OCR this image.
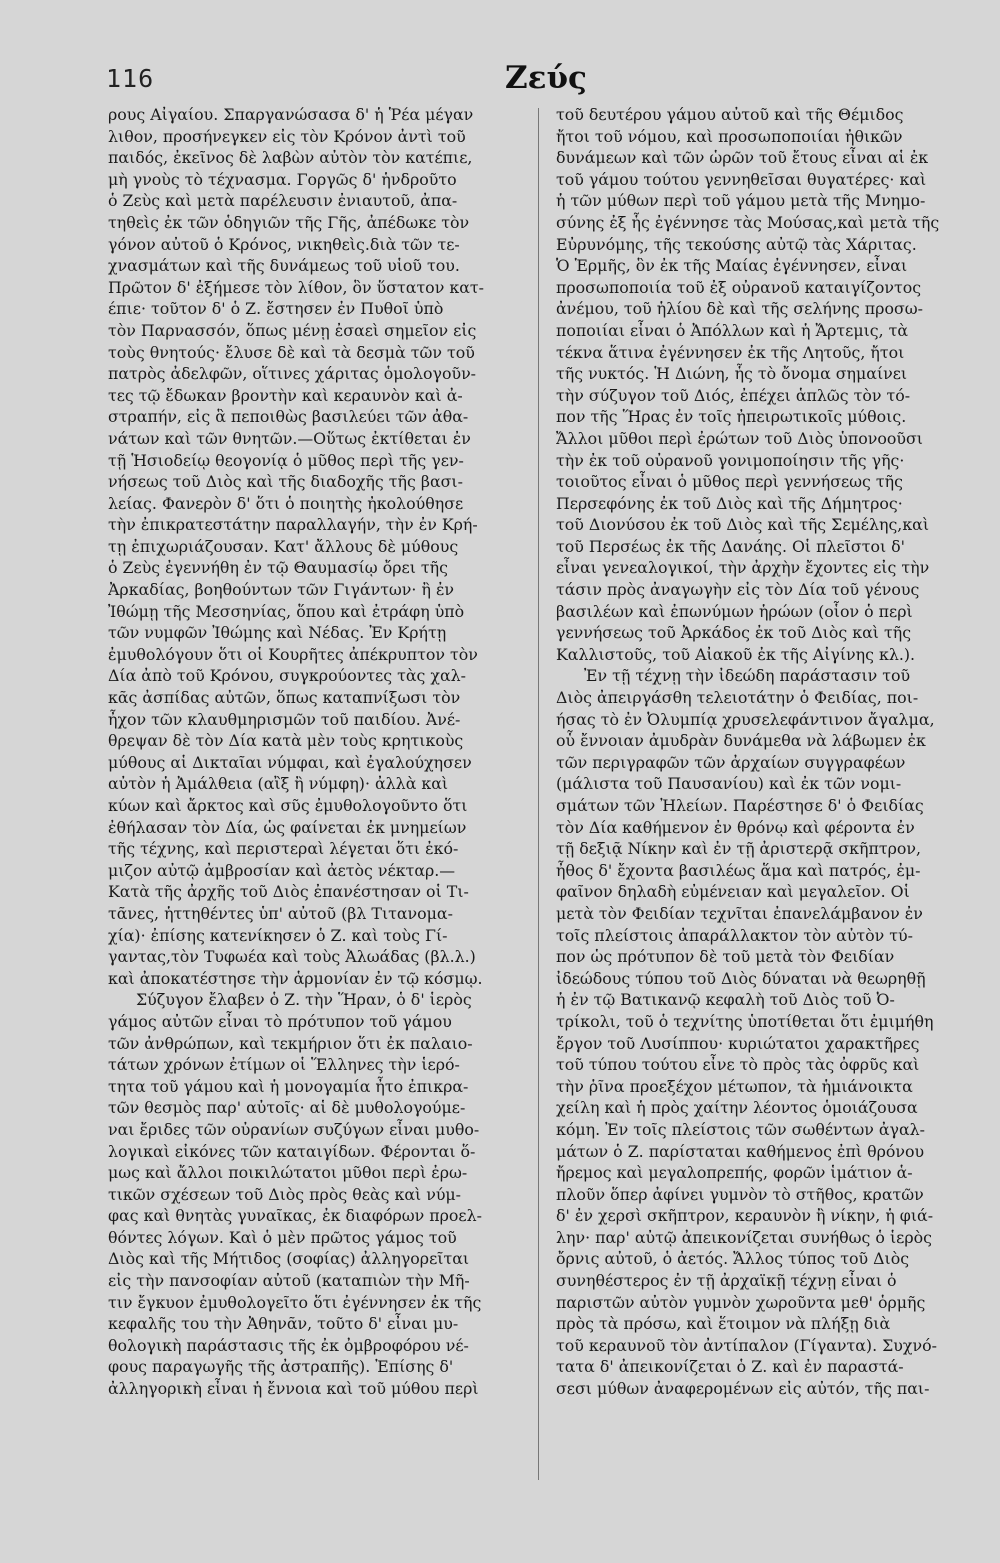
116	Ζεύς
ρους Αἰγαίου. Σπαργανώσασα δ' ἡ Ῥέα μέγαν
λιθον, προσήνεγκεν εἰς τὸν Κρόνον ἀντὶ τοῦ
παιδός, ἐκεῖνος δὲ λαβὼν αὐτὸν τὸν κατέπιε,
μὴ γνοὺς τὸ τέχνασμα. Γοργῶς δ' ἡνδροῦτο
ὁ Ζεὺς καὶ μετὰ παρέλευσιν ἐνιαυτοῦ, ἀπα-
τηθεὶς ἐκ τῶν ὁδηγιῶν τῆς Γῆς, ἀπέδωκε τὸν
γόνον αὐτοῦ ὁ Κρόνος, νικηθεὶς.διὰ τῶν τε-
χνασμάτων καὶ τῆς δυνάμεως τοῦ υἱοῦ του.
Πρῶτον δ' ἐξήμεσε τὸν λίθον, ὃν ὕστατον κατ-
έπιε· τοῦτον δ' ὁ Ζ. ἔστησεν ἐν Πυθοῖ ὑπὸ
τὸν Παρνασσόν, ὅπως μένῃ ἐσαεὶ σημεῖον εἰς
τοὺς θνητούς· ἔλυσε δὲ καὶ τὰ δεσμὰ τῶν τοῦ
πατρὸς ἀδελφῶν, οἵτινες χάριτας ὁμολογοῦν-
τες τῷ ἔδωκαν βροντὴν καὶ κεραυνὸν καὶ ἀ-
στραπήν, εἰς ἃ πεποιθὼς βασιλεύει τῶν ἀθα-
νάτων καὶ τῶν θνητῶν.—Οὕτως ἐκτίθεται ἐν
τῇ Ἡσιοδείῳ θεογονίᾳ ὁ μῦθος περὶ τῆς γεν-
νήσεως τοῦ Διὸς καὶ τῆς διαδοχῆς τῆς βασι-
λείας. Φανερὸν δ' ὅτι ὁ ποιητὴς ἠκολούθησε
τὴν ἐπικρατεστάτην παραλλαγήν, τὴν ἐν Κρή-
τῃ ἐπιχωριάζουσαν. Κατ' ἄλλους δὲ μύθους
ὁ Ζεὺς ἐγεννήθη ἐν τῷ Θαυμασίῳ ὄρει τῆς
Ἀρκαδίας, βοηθούντων τῶν Γιγάντων· ἢ ἐν
Ἰθώμῃ τῆς Μεσσηνίας, ὅπου καὶ ἐτράφη ὑπὸ
τῶν νυμφῶν Ἰθώμης καὶ Νέδας. Ἐν Κρήτῃ
ἐμυθολόγουν ὅτι οἱ Κουρῆτες ἀπέκρυπτον τὸν
Δία ἀπὸ τοῦ Κρόνου, συγκρούοντες τὰς χαλ-
κᾶς ἀσπίδας αὐτῶν, ὅπως καταπνίξωσι τὸν
ἦχον τῶν κλαυθμηρισμῶν τοῦ παιδίου. Ἀνέ-
θρεψαν δὲ τὸν Δία κατὰ μὲν τοὺς κρητικοὺς
μύθους αἱ Δικταῖαι νύμφαι, καὶ ἐγαλούχησεν
αὐτὸν ἡ Ἀμάλθεια (αἲξ ἢ νύμφη)· ἀλλὰ καὶ
κύων καὶ ἄρκτος καὶ σῦς ἐμυθολογοῦντο ὅτι
ἐθήλασαν τὸν Δία, ὡς φαίνεται ἐκ μνημείων
τῆς τέχνης, καὶ περιστεραὶ λέγεται ὅτι ἐκό-
μιζον αὐτῷ ἀμβροσίαν καὶ ἀετὸς νέκταρ.—
Κατὰ τῆς ἀρχῆς τοῦ Διὸς ἐπανέστησαν οἱ Τι-
τᾶνες, ἡττηθέντες ὑπ' αὐτοῦ (βλ Τιτανομα-
χία)· ἐπίσης κατενίκησεν ὁ Ζ. καὶ τοὺς Γί-
γαντας,τὸν Τυφωέα καὶ τοὺς Ἀλωάδας (βλ.λ.)
καὶ ἀποκατέστησε τὴν ἁρμονίαν ἐν τῷ κόσμῳ.
Σύζυγον ἔλαβεν ὁ Ζ. τὴν Ἥραν, ὁ δ' ἱερὸς
γάμος αὐτῶν εἶναι τὸ πρότυπον τοῦ γάμου
τῶν ἀνθρώπων, καὶ τεκμήριον ὅτι ἐκ παλαιο-
τάτων χρόνων ἐτίμων οἱ Ἕλληνες τὴν ἱερό-
τητα τοῦ γάμου καὶ ἡ μονογαμία ἦτο ἐπικρα-
τῶν θεσμὸς παρ' αὐτοῖς· αἱ δὲ μυθολογούμε-
ναι ἔριδες τῶν οὐρανίων συζύγων εἶναι μυθο-
λογικαὶ εἰκόνες τῶν καταιγίδων. Φέρονται ὅ-
μως καὶ ἄλλοι ποικιλώτατοι μῦθοι περὶ ἐρω-
τικῶν σχέσεων τοῦ Διὸς πρὸς θεὰς καὶ νύμ-
φας καὶ θνητὰς γυναῖκας, ἐκ διαφόρων προελ-
θόντες λόγων. Καὶ ὁ μὲν πρῶτος γάμος τοῦ
Διὸς καὶ τῆς Μήτιδος (σοφίας) ἀλληγορεῖται
εἰς τὴν πανσοφίαν αὐτοῦ (καταπιὼν τὴν Μῆ-
τιν ἔγκυον ἐμυθολογεῖτο ὅτι ἐγέννησεν ἐκ τῆς
κεφαλῆς του τὴν Ἀθηνᾶν, τοῦτο δ' εἶναι μυ-
θολογικὴ παράστασις τῆς ἐκ ὀμβροφόρου νέ-
φους παραγωγῆς τῆς ἀστραπῆς). Ἐπίσης δ'
ἀλληγορικὴ εἶναι ἡ ἔννοια καὶ τοῦ μύθου περὶ
τοῦ δευτέρου γάμου αὐτοῦ καὶ τῆς Θέμιδος
ἤτοι τοῦ νόμου, καὶ προσωποποιίαι ἠθικῶν
δυνάμεων καὶ τῶν ὡρῶν τοῦ ἔτους εἶναι αἱ ἐκ
τοῦ γάμου τούτου γεννηθεῖσαι θυγατέρες· καὶ
ἡ τῶν μύθων περὶ τοῦ γάμου μετὰ τῆς Μνημο-
σύνης ἐξ ἧς ἐγέννησε τὰς Μούσας,καὶ μετὰ τῆς
Εὐρυνόμης, τῆς τεκούσης αὐτῷ τὰς Χάριτας.
Ὁ Ἑρμῆς, ὃν ἐκ τῆς Μαίας ἐγέννησεν, εἶναι
προσωποποιία τοῦ ἐξ οὐρανοῦ καταιγίζοντος
ἀνέμου, τοῦ ἡλίου δὲ καὶ τῆς σελήνης προσω-
ποποιίαι εἶναι ὁ Ἀπόλλων καὶ ἡ Ἄρτεμις, τὰ
τέκνα ἅτινα ἐγέννησεν ἐκ τῆς Λητοῦς, ἤτοι
τῆς νυκτός. Ἡ Διώνη, ἧς τὸ ὄνομα σημαίνει
τὴν σύζυγον τοῦ Διός, ἐπέχει ἁπλῶς τὸν τό-
πον τῆς Ἥρας ἐν τοῖς ἠπειρωτικοῖς μύθοις.
Ἄλλοι μῦθοι περὶ ἐρώτων τοῦ Διὸς ὑπονοοῦσι
τὴν ἐκ τοῦ οὐρανοῦ γονιμοποίησιν τῆς γῆς·
τοιοῦτος εἶναι ὁ μῦθος περὶ γεννήσεως τῆς
Περσεφόνης ἐκ τοῦ Διὸς καὶ τῆς Δήμητρος·
τοῦ Διονύσου ἐκ τοῦ Διὸς καὶ τῆς Σεμέλης,καὶ
τοῦ Περσέως ἐκ τῆς Δανάης. Οἱ πλεῖστοι δ'
εἶναι γενεαλογικοί, τὴν ἀρχὴν ἔχοντες εἰς τὴν
τάσιν πρὸς ἀναγωγὴν εἰς τὸν Δία τοῦ γένους
βασιλέων καὶ ἐπωνύμων ἡρώων (οἷον ὁ περὶ
γεννήσεως τοῦ Ἀρκάδος ἐκ τοῦ Διὸς καὶ τῆς
Καλλιστοῦς, τοῦ Αἰακοῦ ἐκ τῆς Αἰγίνης κλ.).
Ἐν τῇ τέχνῃ τὴν ἰδεώδη παράστασιν τοῦ
Διὸς ἀπειργάσθη τελειοτάτην ὁ Φειδίας, ποι-
ήσας τὸ ἐν Ὀλυμπίᾳ χρυσελεφάντινον ἄγαλμα,
οὗ ἔννοιαν ἀμυδρὰν δυνάμεθα νὰ λάβωμεν ἐκ
τῶν περιγραφῶν τῶν ἀρχαίων συγγραφέων
(μάλιστα τοῦ Παυσανίου) καὶ ἐκ τῶν νομι-
σμάτων τῶν Ἠλείων. Παρέστησε δ' ὁ Φειδίας
τὸν Δία καθήμενον ἐν θρόνῳ καὶ φέροντα ἐν
τῇ δεξιᾷ Νίκην καὶ ἐν τῇ ἀριστερᾷ σκῆπτρον,
ἦθος δ' ἔχοντα βασιλέως ἅμα καὶ πατρός, ἐμ-
φαῖνον δηλαδὴ εὐμένειαν καὶ μεγαλεῖον. Οἱ
μετὰ τὸν Φειδίαν τεχνῖται ἐπανελάμβανον ἐν
τοῖς πλείστοις ἀπαράλλακτον τὸν αὐτὸν τύ-
πον ὡς πρότυπον δὲ τοῦ μετὰ τὸν Φειδίαν
ἰδεώδους τύπου τοῦ Διὸς δύναται νὰ θεωρηθῇ
ἡ ἐν τῷ Βατικανῷ κεφαλὴ τοῦ Διὸς τοῦ Ὀ-
τρίκολι, τοῦ ὁ τεχνίτης ὑποτίθεται ὅτι ἐμιμήθη
ἔργον τοῦ Λυσίππου· κυριώτατοι χαρακτῆρες
τοῦ τύπου τούτου εἶνε τὸ πρὸς τὰς ὀφρῦς καὶ
τὴν ῥῖνα προεξέχον μέτωπον, τὰ ἡμιάνοικτα
χείλη καὶ ἡ πρὸς χαίτην λέοντος ὁμοιάζουσα
κόμη. Ἐν τοῖς πλείστοις τῶν σωθέντων ἀγαλ-
μάτων ὁ Ζ. παρίσταται καθήμενος ἐπὶ θρόνου
ἤρεμος καὶ μεγαλοπρεπής, φορῶν ἱμάτιον ἁ-
πλοῦν ὅπερ ἀφίνει γυμνὸν τὸ στῆθος, κρατῶν
δ' ἐν χερσὶ σκῆπτρον, κεραυνὸν ἢ νίκην, ἡ φιά-
λην· παρ' αὐτῷ ἀπεικονίζεται συνήθως ὁ ἱερὸς
ὄρνις αὐτοῦ, ὁ ἀετός. Ἄλλος τύπος τοῦ Διὸς
συνηθέστερος ἐν τῇ ἀρχαϊκῇ τέχνῃ εἶναι ὁ
παριστῶν αὐτὸν γυμνὸν χωροῦντα μεθ' ὁρμῆς
πρὸς τὰ πρόσω, καὶ ἕτοιμον νὰ πλήξῃ διὰ
τοῦ κεραυνοῦ τὸν ἀντίπαλον (Γίγαντα). Συχνό-
τατα δ' ἀπεικονίζεται ὁ Ζ. καὶ ἐν παραστά-
σεσι μύθων ἀναφερομένων εἰς αὐτόν, τῆς παι-
